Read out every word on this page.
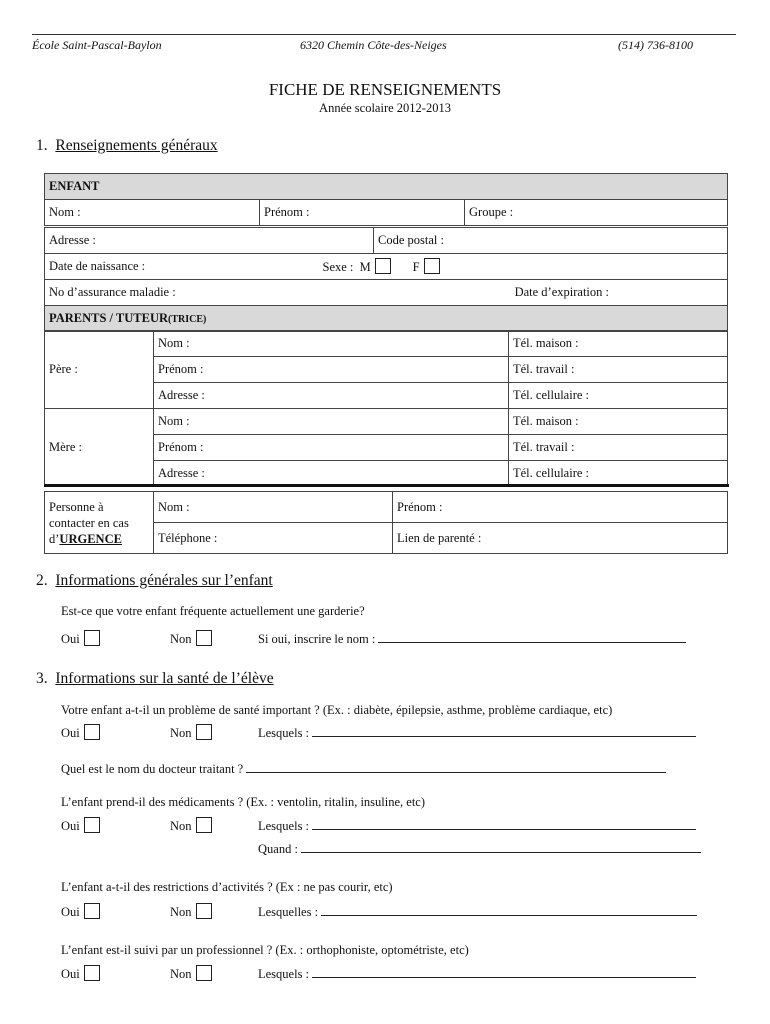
École Saint-Pascal-Baylon	6320 Chemin Côte-des-Neiges	(514) 736-8100
FICHE DE RENSEIGNEMENTS
Année scolaire 2012-2013
1. Renseignements généraux
ENFANT
Nom :	Prénom :	Groupe :
Adresse :	Code postal :
Date de naissance :	Sexe : M F
No d’assurance maladie : Date d’expiration :	

PARENTS / TUTEUR(TRICE)	
Père :	Nom :	Tél. maison :
	Prénom :	Tél. travail :
	Adresse :	Tél. cellulaire :
Mère :	Nom :	Tél. maison :
	Prénom :	Tél. travail :
	Adresse :	Tél. cellulaire :
Personne à
contacter en cas
d’URGENCE	Nom :	Prénom :
	Téléphone :	Lien de parenté :
2. Informations générales sur l’enfant
Est-ce que votre enfant fréquente actuellement une garderie?
Oui	Non	Si oui, inscrire le nom :
3. Informations sur la santé de l’élève
Votre enfant a-t-il un problème de santé important ? (Ex. : diabète, épilepsie, asthme, problème cardiaque, etc)
Oui	Non	Lesquels :
Quel est le nom du docteur traitant ?
L’enfant prend-il des médicaments ? (Ex. : ventolin, ritalin, insuline, etc)
Oui	Non	Lesquels :
Quand :
L’enfant a-t-il des restrictions d’activités ? (Ex : ne pas courir, etc)
Oui	Non	Lesquelles :
L’enfant est-il suivi par un professionnel ? (Ex. : orthophoniste, optométriste, etc)
Oui	Non	Lesquels :
